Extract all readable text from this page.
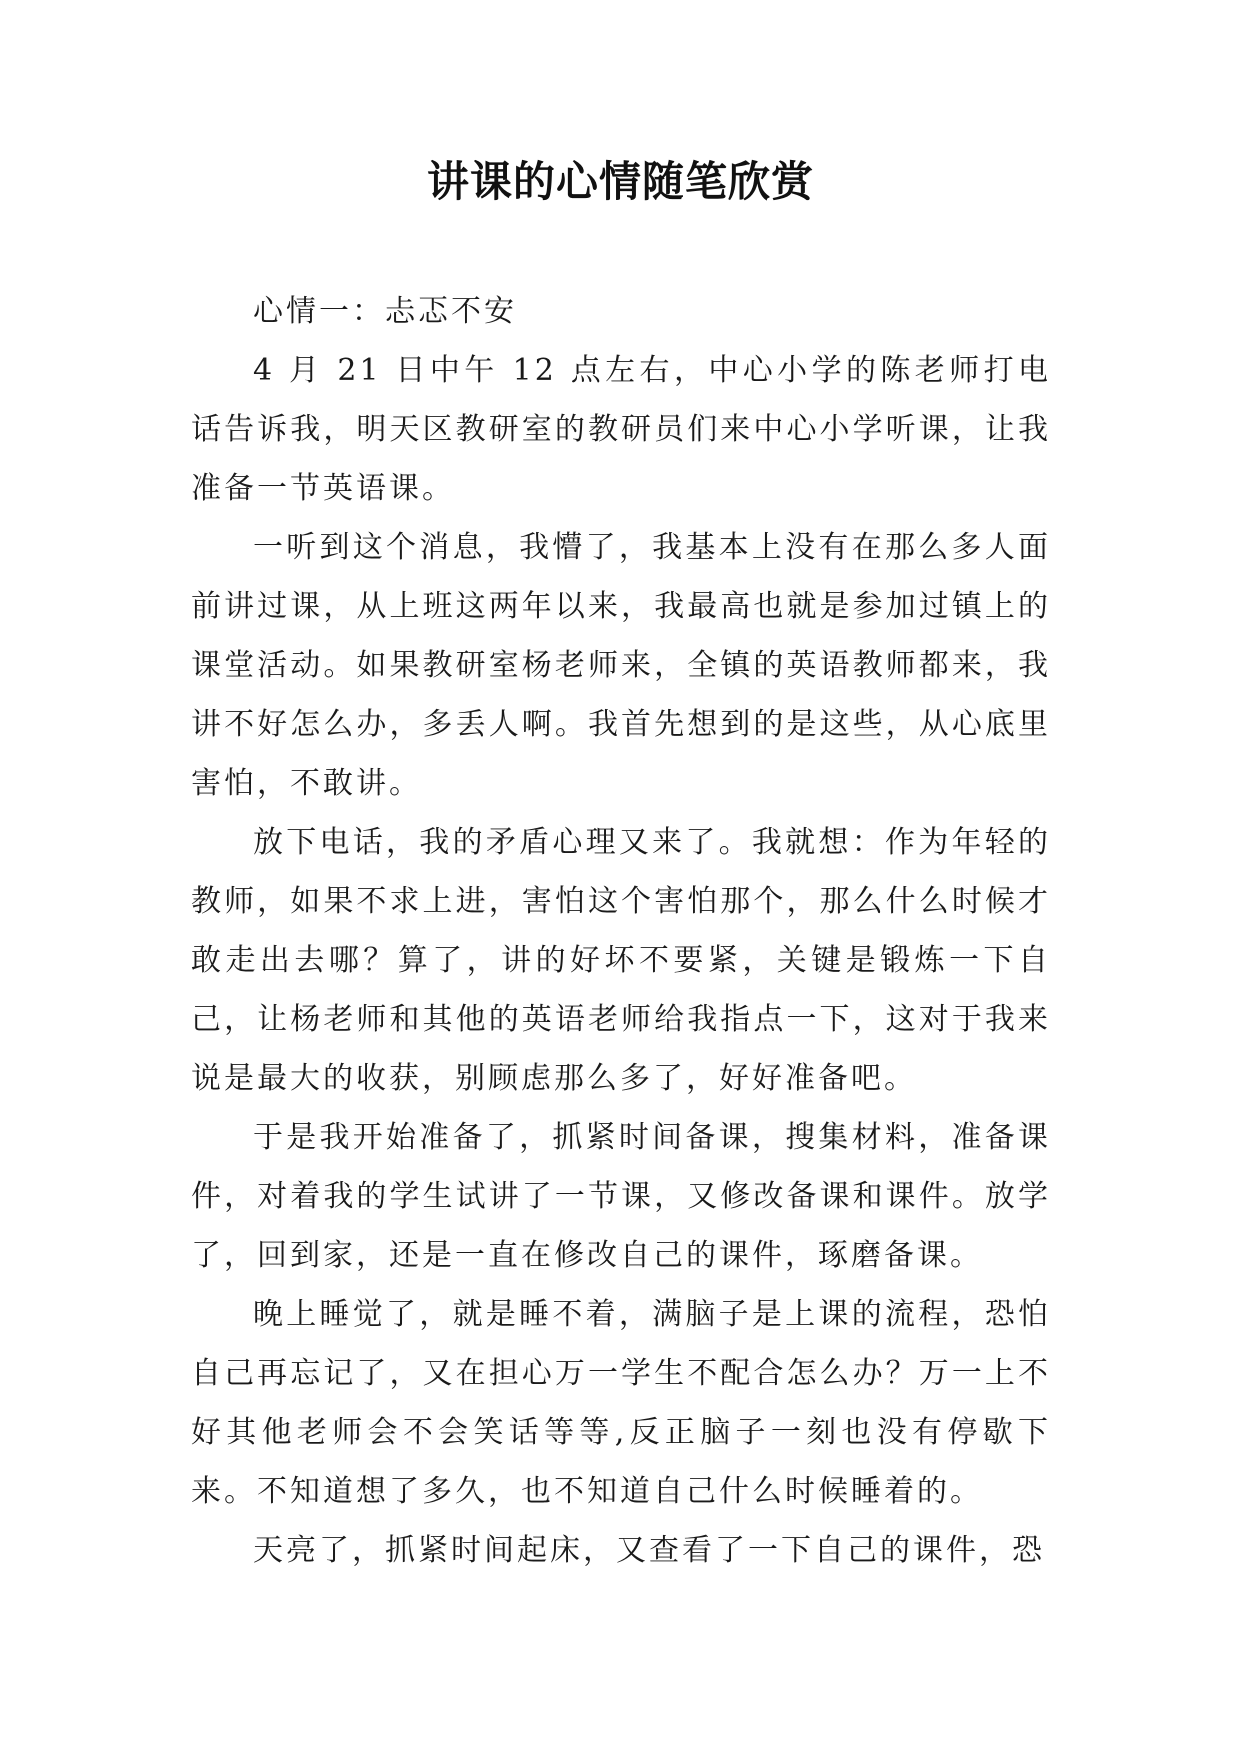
讲课的心情随笔欣赏

心情一：忐忑不安

4 月 21 日中午 12 点左右，中心小学的陈老师打电话告诉我，明天区教研室的教研员们来中心小学听课，让我准备一节英语课。

一听到这个消息，我懵了，我基本上没有在那么多人面前讲过课，从上班这两年以来，我最高也就是参加过镇上的课堂活动。如果教研室杨老师来，全镇的英语教师都来，我讲不好怎么办，多丢人啊。我首先想到的是这些，从心底里害怕，不敢讲。

放下电话，我的矛盾心理又来了。我就想：作为年轻的教师，如果不求上进，害怕这个害怕那个，那么什么时候才敢走出去哪？算了，讲的好坏不要紧，关键是锻炼一下自己，让杨老师和其他的英语老师给我指点一下，这对于我来说是最大的收获，别顾虑那么多了，好好准备吧。

于是我开始准备了，抓紧时间备课，搜集材料，准备课件，对着我的学生试讲了一节课，又修改备课和课件。放学了，回到家，还是一直在修改自己的课件，琢磨备课。

晚上睡觉了，就是睡不着，满脑子是上课的流程，恐怕自己再忘记了，又在担心万一学生不配合怎么办？万一上不好其他老师会不会笑话等等,反正脑子一刻也没有停歇下来。不知道想了多久，也不知道自己什么时候睡着的。

天亮了，抓紧时间起床，又查看了一下自己的课件，恐
